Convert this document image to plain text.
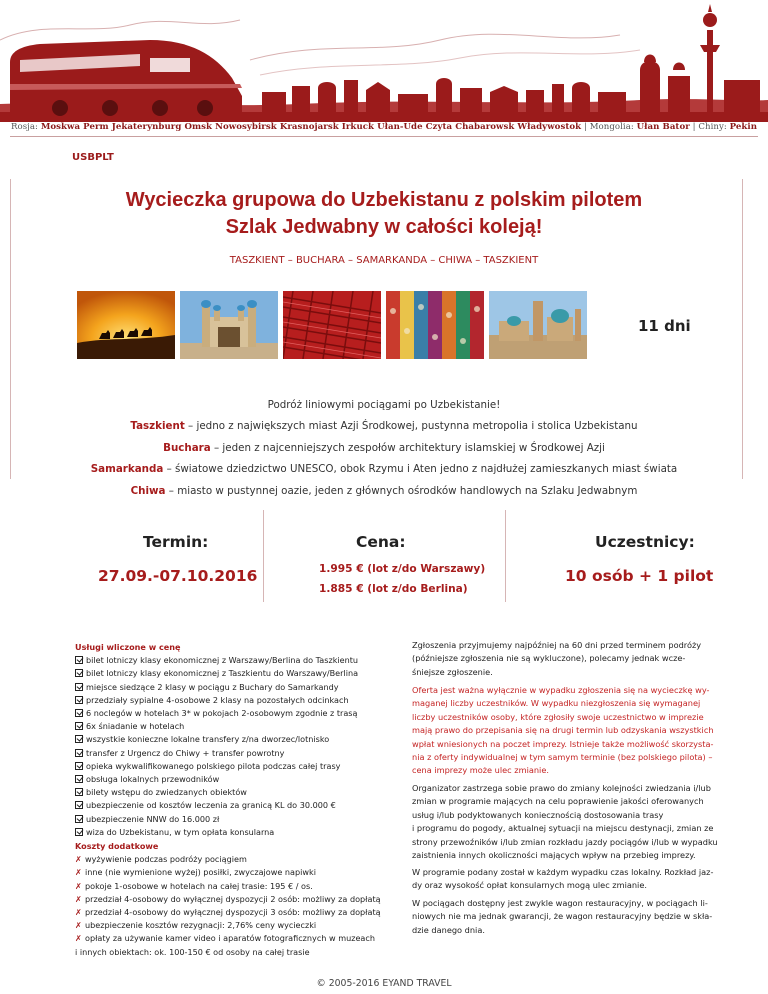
Rosja: Moskwa Perm Jekaterynburg Omsk Nowosybirsk Krasnojarsk Irkuck Ułan-Ude Czyta Chabarowsk Władywostok | Mongolia: Ułan Bator | Chiny: Pekin
USBPLT
Wycieczka grupowa do Uzbekistanu z polskim pilotem
Szlak Jedwabny w całości koleją!
TASZKIENT – BUCHARA – SAMARKANDA – CHIWA – TASZKIENT
11 dni
Podróż liniowymi pociągami po Uzbekistanie!
Taszkient – jedno z największych miast Azji Środkowej, pustynna metropolia i stolica Uzbekistanu
Buchara – jeden z najcenniejszych zespołów architektury islamskiej w Środkowej Azji
Samarkanda – światowe dziedzictwo UNESCO, obok Rzymu i Aten jedno z najdłużej zamieszkanych miast świata
Chiwa – miasto w pustynnej oazie, jeden z głównych ośrodków handlowych na Szlaku Jedwabnym
Termin:
27.09.-07.10.2016
Cena:
1.995 € (lot z/do Warszawy)
1.885 € (lot z/do Berlina)
Uczestnicy:
10 osób + 1 pilot
Usługi wliczone w cenę
bilet lotniczy klasy ekonomicznej z Warszawy/Berlina do Taszkientu
bilet lotniczy klasy ekonomicznej z Taszkientu do Warszawy/Berlina
miejsce siedzące 2 klasy w pociągu z Buchary do Samarkandy
przedziały sypialne 4-osobowe 2 klasy na pozostałych odcinkach
6 noclegów w hotelach 3* w pokojach 2-osobowym zgodnie z trasą
6x śniadanie w hotelach
wszystkie konieczne lokalne transfery z/na dworzec/lotnisko
transfer z Urgencz do Chiwy + transfer powrotny
opieka wykwalifikowanego polskiego pilota podczas całej trasy
obsługa lokalnych przewodników
bilety wstępu do zwiedzanych obiektów
ubezpieczenie od kosztów leczenia za granicą KL do 30.000 €
ubezpieczenie NNW do 16.000 zł
wiza do Uzbekistanu, w tym opłata konsularna
Koszty dodatkowe
✗ wyżywienie podczas podróży pociągiem
✗ inne (nie wymienione wyżej) posiłki, zwyczajowe napiwki
✗ pokoje 1-osobowe w hotelach na całej trasie: 195 € / os.
✗ przedział 4-osobowy do wyłącznej dyspozycji 2 osób: możliwy za dopłatą
✗ przedział 4-osobowy do wyłącznej dyspozycji 3 osób: możliwy za dopłatą
✗ ubezpieczenie kosztów rezygnacji: 2,76% ceny wycieczki
✗ opłaty za używanie kamer video i aparatów fotograficznych w muzeach
i innych obiektach: ok. 100-150 € od osoby na całej trasie
Zgłoszenia przyjmujemy najpóźniej na 60 dni przed terminem podróży
(późniejsze zgłoszenia nie są wykluczone), polecamy jednak wcze-
śniejsze zgłoszenie.
Oferta jest ważna wyłącznie w wypadku zgłoszenia się na wycieczkę wy-
maganej liczby uczestników. W wypadku niezgłoszenia się wymaganej
liczby uczestników osoby, które zgłosiły swoje uczestnictwo w imprezie
mają prawo do przepisania się na drugi termin lub odzyskania wszystkich
wpłat wniesionych na poczet imprezy. Istnieje także możliwość skorzysta-
nia z oferty indywidualnej w tym samym terminie (bez polskiego pilota) –
cena imprezy może ulec zmianie.
Organizator zastrzega sobie prawo do zmiany kolejności zwiedzania i/lub
zmian w programie mających na celu poprawienie jakości oferowanych
usług i/lub podyktowanych koniecznością dostosowania trasy
i programu do pogody, aktualnej sytuacji na miejscu destynacji, zmian ze
strony przewoźników i/lub zmian rozkładu jazdy pociągów i/lub w wypadku
zaistnienia innych okoliczności mających wpływ na przebieg imprezy.
W programie podany został w każdym wypadku czas lokalny. Rozkład jaz-
dy oraz wysokość opłat konsularnych mogą ulec zmianie.
W pociągach dostępny jest zwykle wagon restauracyjny, w pociągach li-
niowych nie ma jednak gwarancji, że wagon restauracyjny będzie w skła-
dzie danego dnia.
© 2005-2016 EYAND TRAVEL
